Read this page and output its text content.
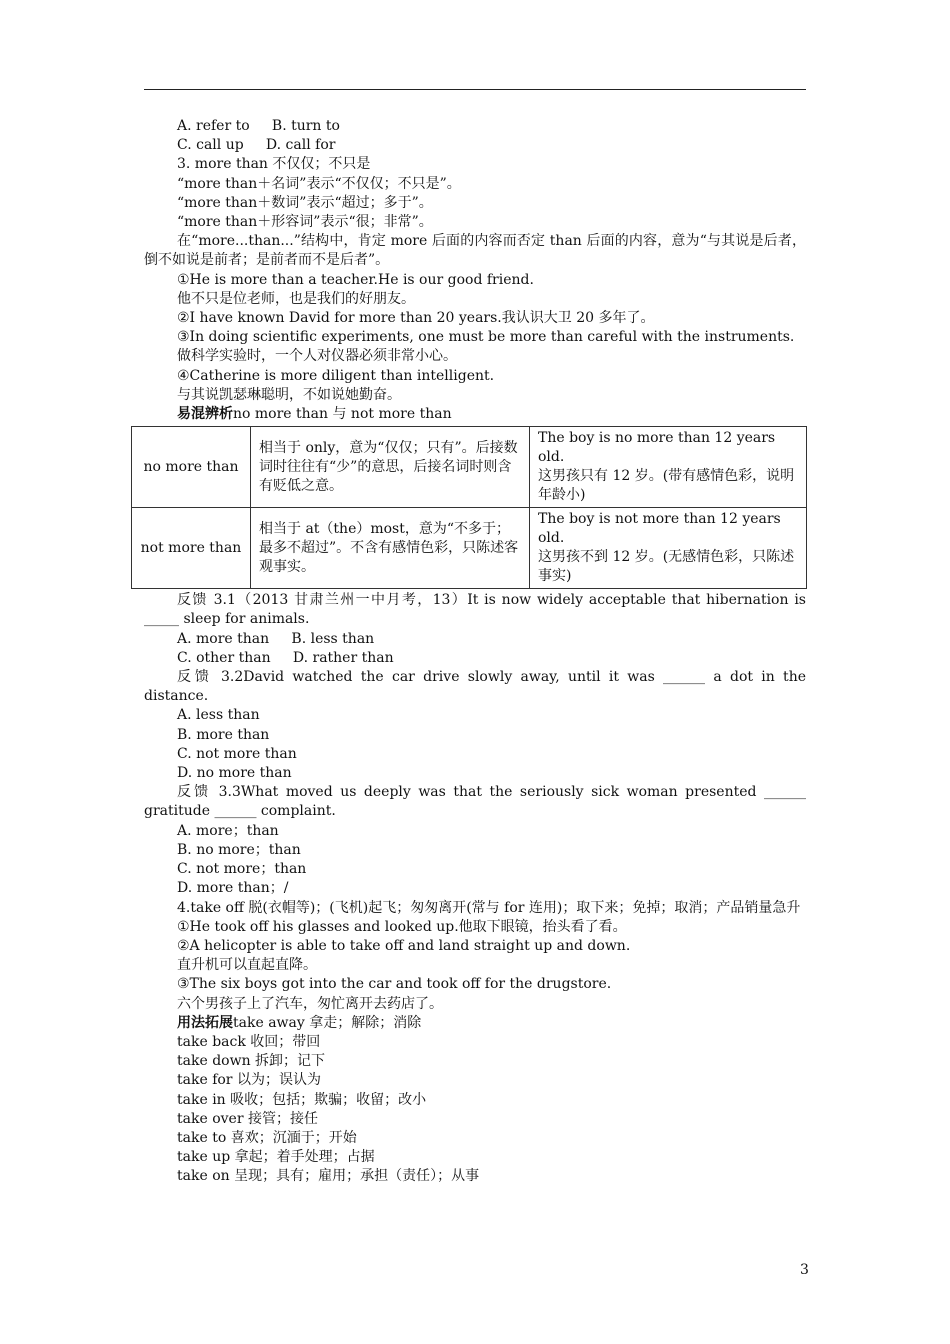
A. refer to     B. turn to
C. call up     D. call for
3. more than 不仅仅；不只是
“more than＋名词”表示“不仅仅；不只是”。
“more than＋数词”表示“超过；多于”。
“more than＋形容词”表示“很；非常”。
在“more...than...”结构中，肯定 more 后面的内容而否定 than 后面的内容，意为“与其说是后者，倒不如说是前者；是前者而不是后者”。
①He is more than a teacher.He is our good friend.
他不只是位老师，也是我们的好朋友。
②I have known David for more than 20 years.我认识大卫 20 多年了。
③In doing scientific experiments, one must be more than careful with the instruments.
做科学实验时，一个人对仪器必须非常小心。
④Catherine is more diligent than intelligent.
与其说凯瑟琳聪明，不如说她勤奋。
易混辨析no more than 与 not more than
no more than	相当于 only，意为“仅仅；只有”。后接数词时往往有“少”的意思，后接名词时则含有贬低之意。	The boy is no more than 12 years old.
这男孩只有 12 岁。(带有感情色彩，说明年龄小)

not more than	相当于 at（the）most，意为“不多于；最多不超过”。不含有感情色彩，只陈述客观事实。	The boy is not more than 12 years old.
这男孩不到 12 岁。(无感情色彩，只陈述事实)
反馈 3.1（2013 甘肃兰州一中月考，13）It is now widely acceptable that hibernation is _____ sleep for animals.
A. more than     B. less than
C. other than     D. rather than
反馈 3.2David watched the car drive slowly away, until it was ______ a dot in the distance.
A. less than
B. more than
C. not more than
D. no more than
反馈 3.3What moved us deeply was that the seriously sick woman presented ______ gratitude ______ complaint.
A. more；than
B. no more；than
C. not more；than
D. more than；/
4.take off 脱(衣帽等)；(飞机)起飞；匆匆离开(常与 for 连用)；取下来；免掉；取消；产品销量急升
①He took off his glasses and looked up.他取下眼镜，抬头看了看。
②A helicopter is able to take off and land straight up and down.
直升机可以直起直降。
③The six boys got into the car and took off for the drugstore.
六个男孩子上了汽车，匆忙离开去药店了。
用法拓展take away 拿走；解除；消除
take back 收回；带回
take down 拆卸；记下
take for 以为；误认为
take in 吸收；包括；欺骗；收留；改小
take over 接管；接任
take to 喜欢；沉湎于；开始
take up 拿起；着手处理；占据
take on 呈现；具有；雇用；承担（责任）；从事
3
